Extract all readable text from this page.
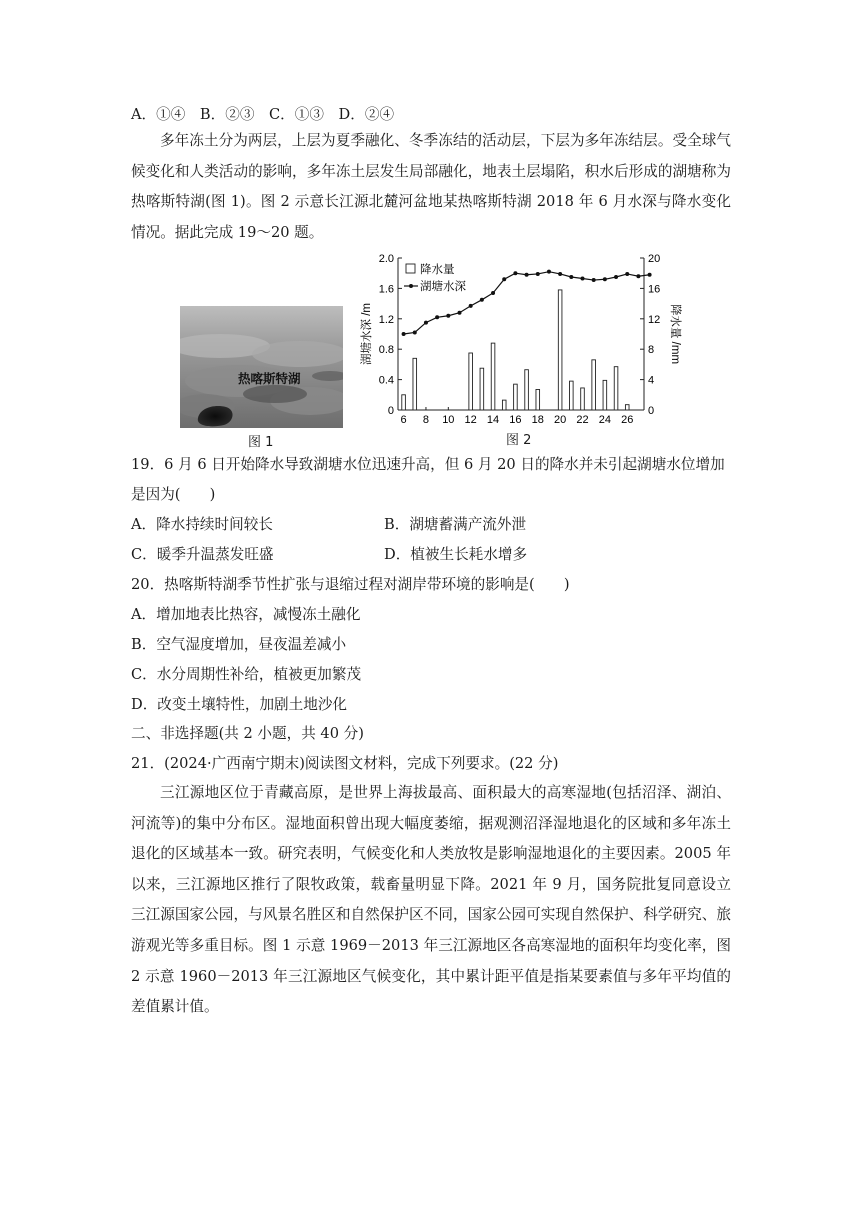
A．①④　B．②③　C．①③　D．②④
多年冻土分为两层，上层为夏季融化、冬季冻结的活动层，下层为多年冻结层。受全球气候变化和人类活动的影响，多年冻土层发生局部融化，地表土层塌陷，积水后形成的湖塘称为热喀斯特湖(图 1)。图 2 示意长江源北麓河盆地某热喀斯特湖 2018 年 6 月水深与降水变化情况。据此完成 19～20 题。
热喀斯特湖
图 1
0
0.4
0.8
1.2
1.6
2.0
0
4
8
12
16
20
6 8 10 12 14 16 18 20 22 24 26
湖塘水深 /m	降水量 /mm
降水量
湖塘水深
图 2
19．6 月 6 日开始降水导致湖塘水位迅速升高，但 6 月 20 日的降水并未引起湖塘水位增加
是因为(　　)
A．降水持续时间较长	B．湖塘蓄满产流外泄
C．暖季升温蒸发旺盛	D．植被生长耗水增多
20．热喀斯特湖季节性扩张与退缩过程对湖岸带环境的影响是(　　)
A．增加地表比热容，减慢冻土融化
B．空气湿度增加，昼夜温差减小
C．水分周期性补给，植被更加繁茂
D．改变土壤特性，加剧土地沙化
二、非选择题(共 2 小题，共 40 分)
21．(2024·广西南宁期末)阅读图文材料，完成下列要求。(22 分)
三江源地区位于青藏高原，是世界上海拔最高、面积最大的高寒湿地(包括沼泽、湖泊、河流等)的集中分布区。湿地面积曾出现大幅度萎缩，据观测沼泽湿地退化的区域和多年冻土退化的区域基本一致。研究表明，气候变化和人类放牧是影响湿地退化的主要因素。2005 年以来，三江源地区推行了限牧政策，载畜量明显下降。2021 年 9 月，国务院批复同意设立三江源国家公园，与风景名胜区和自然保护区不同，国家公园可实现自然保护、科学研究、旅游观光等多重目标。图 1 示意 1969－2013 年三江源地区各高寒湿地的面积年均变化率，图 2 示意 1960－2013 年三江源地区气候变化，其中累计距平值是指某要素值与多年平均值的差值累计值。
